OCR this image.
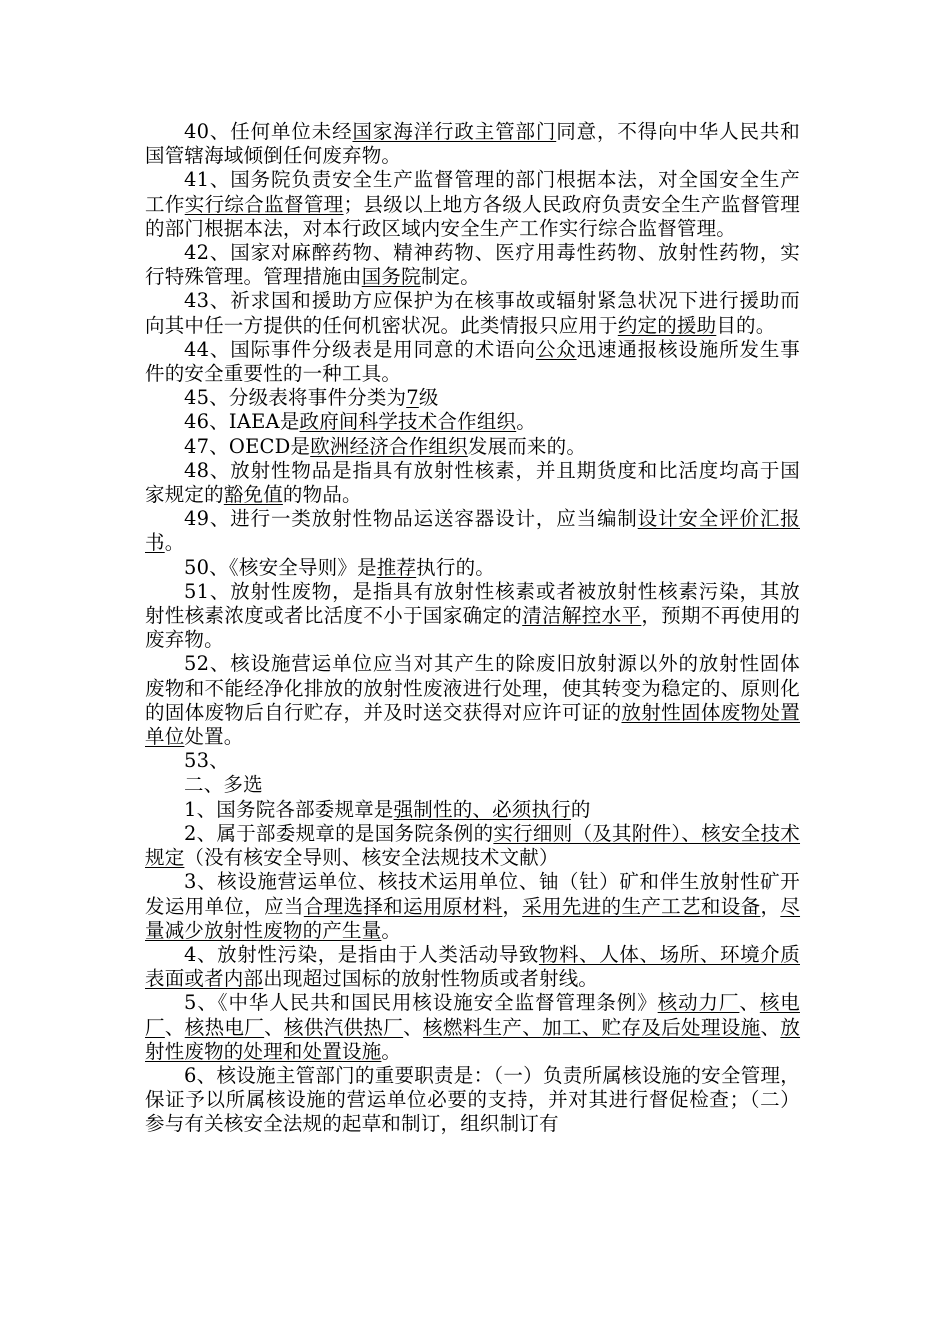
40、任何单位未经国家海洋行政主管部门同意，不得向中华人民共和国管辖海域倾倒任何废弃物。

41、国务院负责安全生产监督管理的部门根据本法，对全国安全生产工作实行综合监督管理；县级以上地方各级人民政府负责安全生产监督管理的部门根据本法，对本行政区域内安全生产工作实行综合监督管理。

42、国家对麻醉药物、精神药物、医疗用毒性药物、放射性药物，实行特殊管理。管理措施由国务院制定。

43、祈求国和援助方应保护为在核事故或辐射紧急状况下进行援助而向其中任一方提供的任何机密状况。此类情报只应用于约定的援助目的。

44、国际事件分级表是用同意的术语向公众迅速通报核设施所发生事件的安全重要性的一种工具。

45、分级表将事件分类为7级

46、IAEA是政府间科学技术合作组织。

47、OECD是欧洲经济合作组织发展而来的。

48、放射性物品是指具有放射性核素，并且期货度和比活度均高于国家规定的豁免值的物品。

49、进行一类放射性物品运送容器设计，应当编制设计安全评价汇报书。

50、《核安全导则》是推荐执行的。

51、放射性废物，是指具有放射性核素或者被放射性核素污染，其放射性核素浓度或者比活度不小于国家确定的清洁解控水平，预期不再使用的废弃物。

52、核设施营运单位应当对其产生的除废旧放射源以外的放射性固体废物和不能经净化排放的放射性废液进行处理，使其转变为稳定的、原则化的固体废物后自行贮存，并及时送交获得对应许可证的放射性固体废物处置单位处置。

53、

二、多选

1、国务院各部委规章是强制性的、必须执行的

2、属于部委规章的是国务院条例的实行细则（及其附件）、核安全技术规定（没有核安全导则、核安全法规技术文献）

3、核设施营运单位、核技术运用单位、铀（钍）矿和伴生放射性矿开发运用单位，应当合理选择和运用原材料，采用先进的生产工艺和设备，尽量减少放射性废物的产生量。

4、放射性污染，是指由于人类活动导致物料、人体、场所、环境介质表面或者内部出现超过国标的放射性物质或者射线。

5、《中华人民共和国民用核设施安全监督管理条例》核动力厂、核电厂、核热电厂、核供汽供热厂、核燃料生产、加工、贮存及后处理设施、放射性废物的处理和处置设施。

6、核设施主管部门的重要职责是：（一）负责所属核设施的安全管理，保证予以所属核设施的营运单位必要的支持，并对其进行督促检查；（二）参与有关核安全法规的起草和制订，组织制订有
